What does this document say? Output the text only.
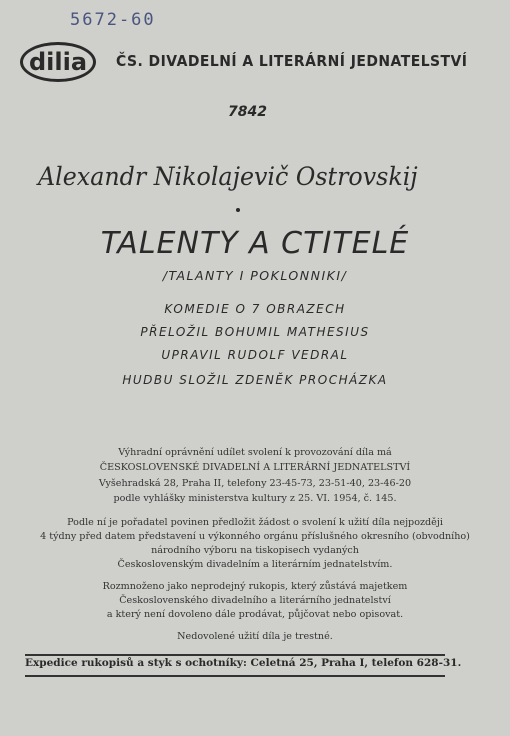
5672-60
dilia	ČS. DIVADELNÍ A LITERÁRNÍ JEDNATELSTVÍ
7842
Alexandr Nikolajevič Ostrovskij
TALENTY A CTITELÉ
/TALANTY I POKLONNIKI/
KOMEDIE O 7 OBRAZECH
PŘELOŽIL BOHUMIL MATHESIUS
UPRAVIL RUDOLF VEDRAL
HUDBU SLOŽIL ZDENĚK PROCHÁZKA
Výhradní oprávnění udílet svolení k provozování díla má
ČESKOSLOVENSKÉ DIVADELNÍ A LITERÁRNÍ JEDNATELSTVÍ
Vyšehradská 28, Praha II, telefony 23-45-73, 23-51-40, 23-46-20
podle vyhlášky ministerstva kultury z 25. VI. 1954, č. 145.
Podle ní je pořadatel povinen předložit žádost o svolení k užití díla nejpozději
4 týdny před datem představení u výkonného orgánu příslušného okresního (obvodního)
národního výboru na tiskopisech vydaných
Československým divadelním a literárním jednatelstvím.
Rozmnoženo jako neprodejný rukopis, který zůstává majetkem
Československého divadelního a literárního jednatelství
a který není dovoleno dále prodávat, půjčovat nebo opisovat.
Nedovolené užití díla je trestné.
Expedice rukopisů a styk s ochotníky: Celetná 25, Praha I, telefon 628-31.
